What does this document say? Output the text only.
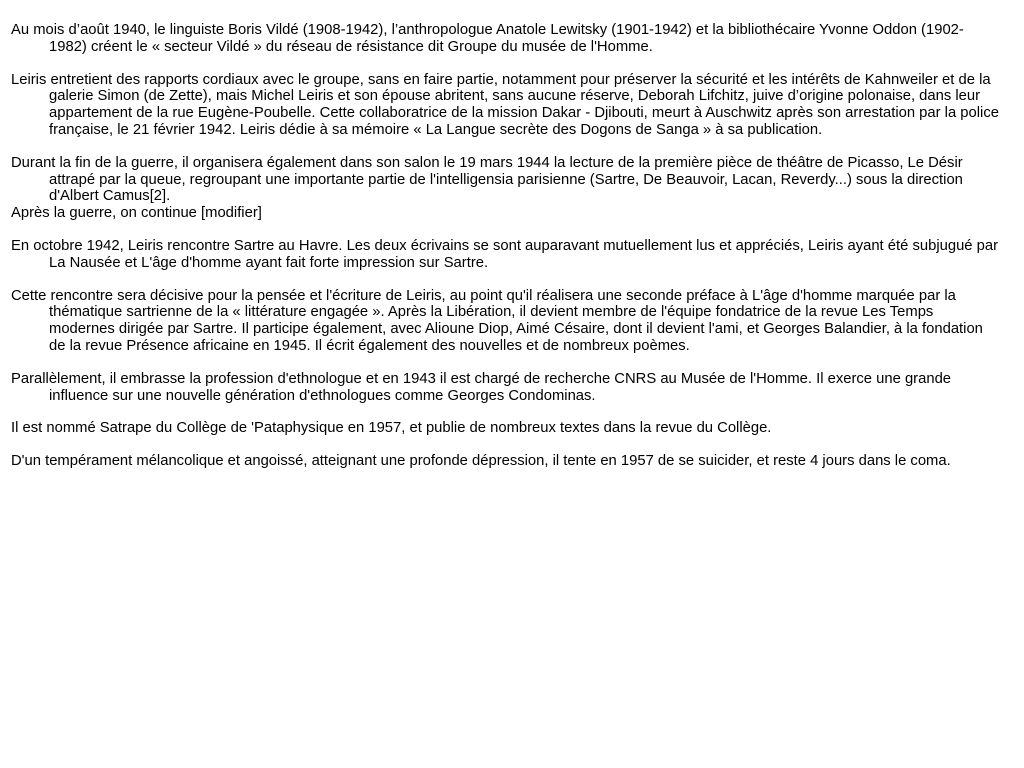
Au mois d’août 1940, le linguiste Boris Vildé (1908-1942), l’anthropologue Anatole Lewitsky (1901-1942) et la bibliothécaire Yvonne Oddon (1902-1982) créent le « secteur Vildé » du réseau de résistance dit Groupe du musée de l'Homme.

Leiris entretient des rapports cordiaux avec le groupe, sans en faire partie, notamment pour préserver la sécurité et les intérêts de Kahnweiler et de la galerie Simon (de Zette), mais Michel Leiris et son épouse abritent, sans aucune réserve, Deborah Lifchitz, juive d’origine polonaise, dans leur appartement de la rue Eugène-Poubelle. Cette collaboratrice de la mission Dakar - Djibouti, meurt à Auschwitz après son arrestation par la police française, le 21 février 1942. Leiris dédie à sa mémoire « La Langue secrète des Dogons de Sanga » à sa publication.

Durant la fin de la guerre, il organisera également dans son salon le 19 mars 1944 la lecture de la première pièce de théâtre de Picasso, Le Désir attrapé par la queue, regroupant une importante partie de l'intelligensia parisienne (Sartre, De Beauvoir, Lacan, Reverdy...) sous la direction d'Albert Camus[2].

Après la guerre, on continue [modifier]

En octobre 1942, Leiris rencontre Sartre au Havre. Les deux écrivains se sont auparavant mutuellement lus et appréciés, Leiris ayant été subjugué par La Nausée et L'âge d'homme ayant fait forte impression sur Sartre.

Cette rencontre sera décisive pour la pensée et l'écriture de Leiris, au point qu'il réalisera une seconde préface à L'âge d'homme marquée par la thématique sartrienne de la « littérature engagée ». Après la Libération, il devient membre de l'équipe fondatrice de la revue Les Temps modernes dirigée par Sartre. Il participe également, avec Alioune Diop, Aimé Césaire, dont il devient l'ami, et Georges Balandier, à la fondation de la revue Présence africaine en 1945. Il écrit également des nouvelles et de nombreux poèmes.

Parallèlement, il embrasse la profession d'ethnologue et en 1943 il est chargé de recherche CNRS au Musée de l'Homme. Il exerce une grande influence sur une nouvelle génération d'ethnologues comme Georges Condominas.

Il est nommé Satrape du Collège de 'Pataphysique en 1957, et publie de nombreux textes dans la revue du Collège.

D'un tempérament mélancolique et angoissé, atteignant une profonde dépression, il tente en 1957 de se suicider, et reste 4 jours dans le coma.
